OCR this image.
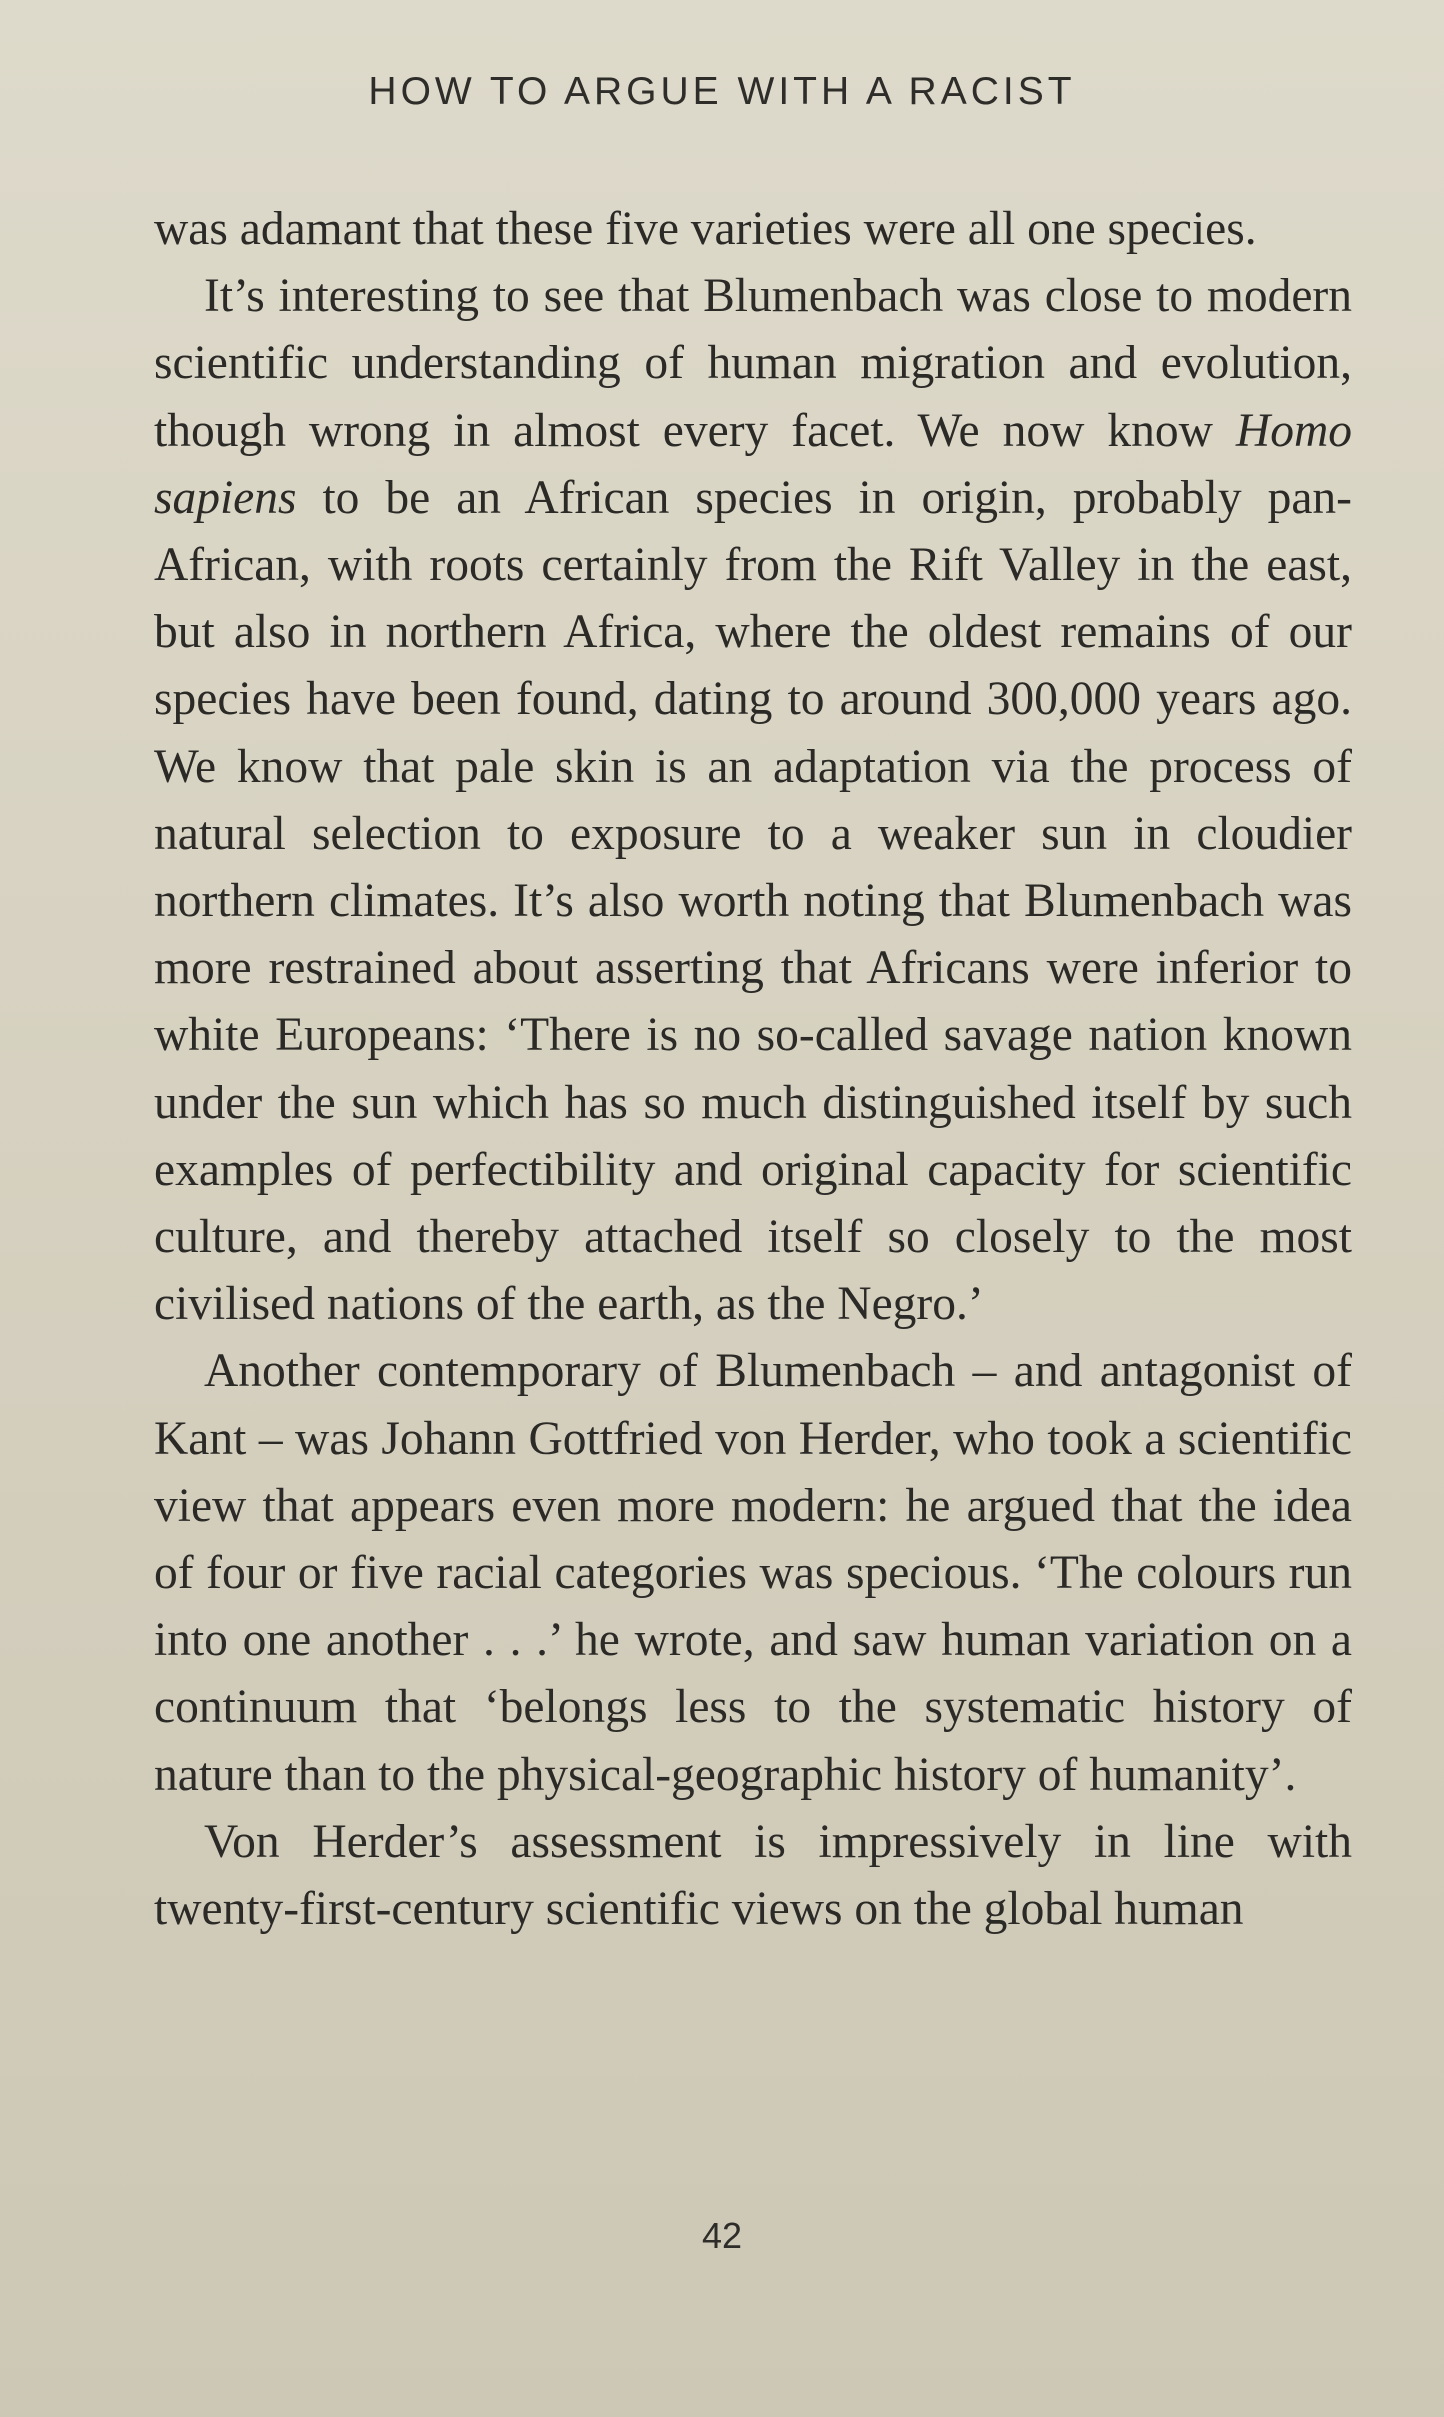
HOW TO ARGUE WITH A RACIST

was adamant that these five varieties were all one species.

It’s interesting to see that Blumenbach was close to modern scientific understanding of human migration and evolution, though wrong in almost every facet. We now know Homo sapiens to be an African species in origin, probably pan-African, with roots certainly from the Rift Valley in the east, but also in northern Africa, where the oldest remains of our species have been found, dating to around 300,000 years ago. We know that pale skin is an adaptation via the process of natural selection to exposure to a weaker sun in cloudier northern climates. It’s also worth noting that Blumenbach was more restrained about asserting that Africans were inferior to white Europeans: ‘There is no so-called savage nation known under the sun which has so much distinguished itself by such examples of perfectibility and original capacity for scientific culture, and thereby attached itself so closely to the most civilised nations of the earth, as the Negro.’

Another contemporary of Blumenbach – and antagonist of Kant – was Johann Gottfried von Herder, who took a scientific view that appears even more modern: he argued that the idea of four or five racial categories was specious. ‘The colours run into one another . . .’ he wrote, and saw human variation on a continuum that ‘belongs less to the systematic history of nature than to the physical-geographic history of humanity’.

Von Herder’s assessment is impressively in line with twenty-first-century scientific views on the global human

42
